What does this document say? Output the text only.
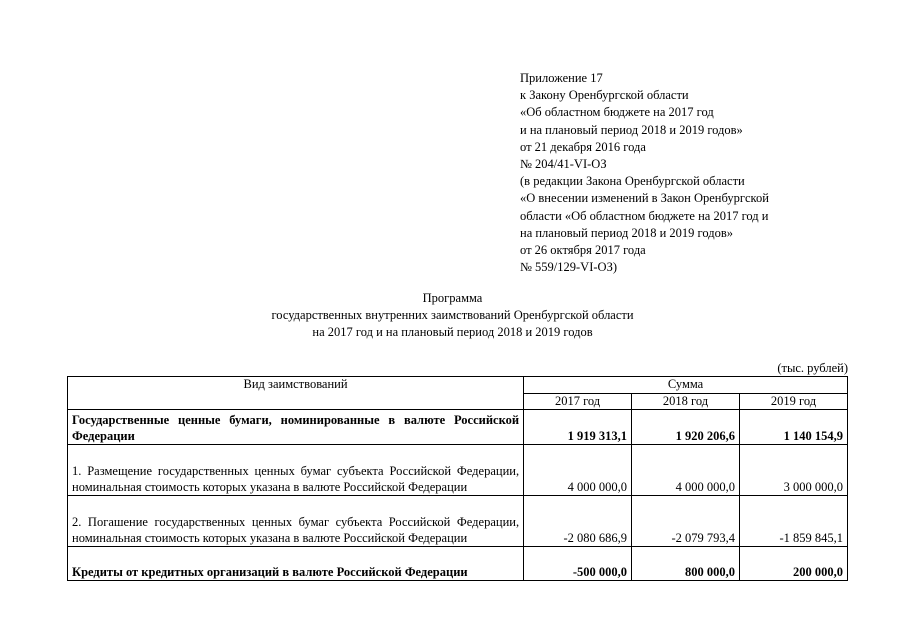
Приложение 17
к Закону Оренбургской области
«Об областном бюджете на 2017 год
и на плановый период 2018 и 2019 годов»
от 21 декабря 2016 года
№ 204/41-VI-ОЗ
(в редакции Закона Оренбургской области
«О внесении изменений в Закон Оренбургской
области «Об областном бюджете на 2017 год и
на плановый период 2018 и 2019 годов»
от 26 октября 2017 года
№ 559/129-VI-ОЗ)
Программа
государственных внутренних заимствований Оренбургской области
на 2017 год и на плановый период 2018 и 2019 годов
(тыс. рублей)
Вид заимствований	Сумма		
	2017 год	2018 год	2019 год
Государственные ценные бумаги, номинированные в валюте Российской Федерации	1 919 313,1	1 920 206,6	1 140 154,9
1. Размещение государственных ценных бумаг субъекта Российской Федерации, номинальная стоимость которых указана в валюте Российской Федерации	4 000 000,0	4 000 000,0	3 000 000,0
2. Погашение государственных ценных бумаг субъекта Российской Федерации, номинальная стоимость которых указана в валюте Российской Федерации	-2 080 686,9	-2 079 793,4	-1 859 845,1
Кредиты от кредитных организаций в валюте Российской Федерации	-500 000,0	800 000,0	200 000,0
